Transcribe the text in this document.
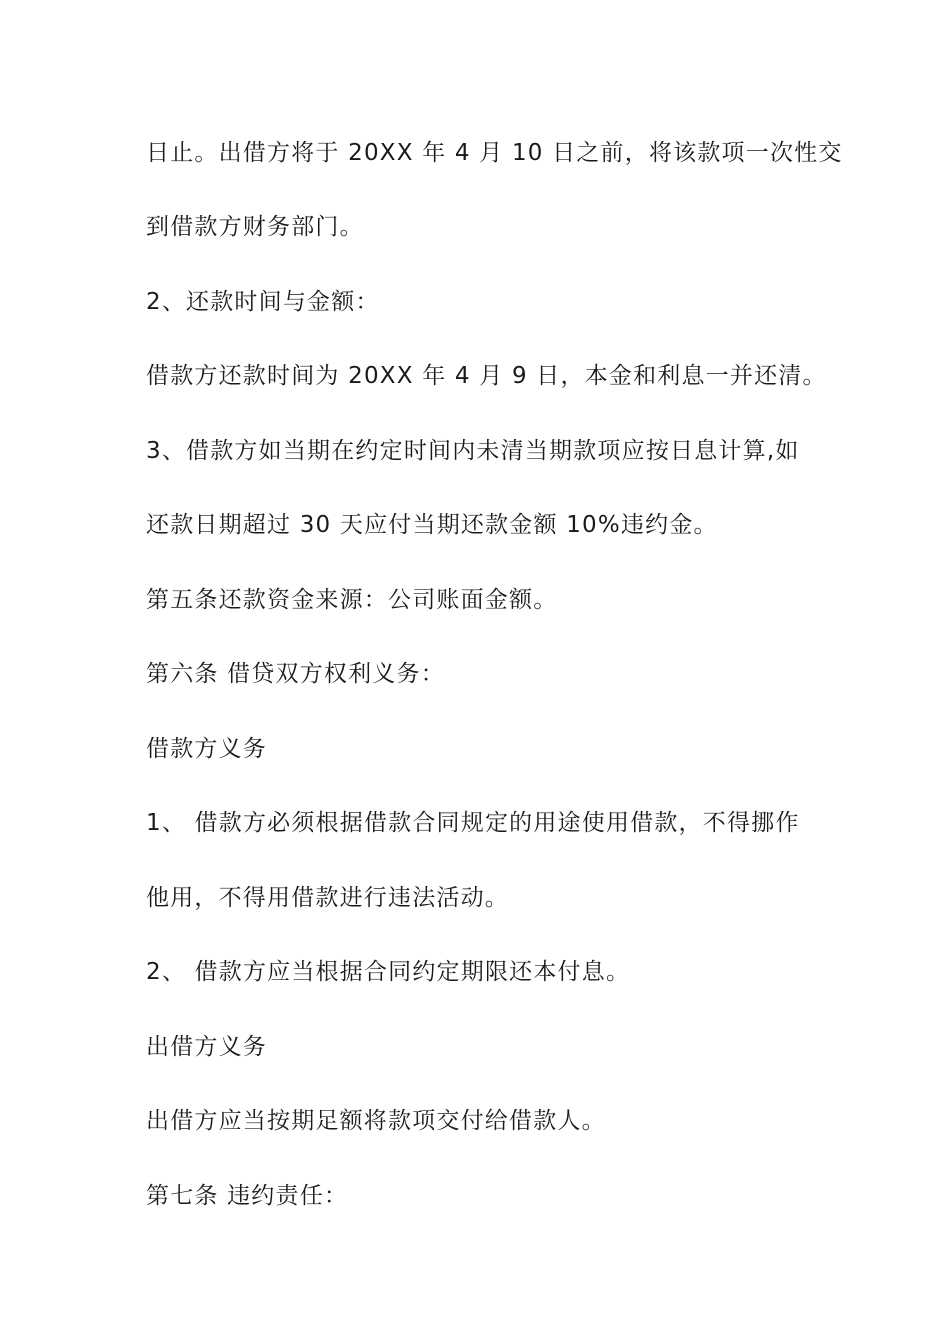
日止。出借方将于 20XX 年 4 月 10 日之前，将该款项一次性交
到借款方财务部门。
2、还款时间与金额：
借款方还款时间为 20XX 年 4 月 9 日，本金和利息一并还清。
3、借款方如当期在约定时间内未清当期款项应按日息计算,如
还款日期超过 30 天应付当期还款金额 10%违约金。
第五条还款资金来源：公司账面金额。
第六条 借贷双方权利义务：
借款方义务
1、 借款方必须根据借款合同规定的用途使用借款，不得挪作
他用，不得用借款进行违法活动。
2、 借款方应当根据合同约定期限还本付息。
出借方义务
出借方应当按期足额将款项交付给借款人。
第七条 违约责任：
